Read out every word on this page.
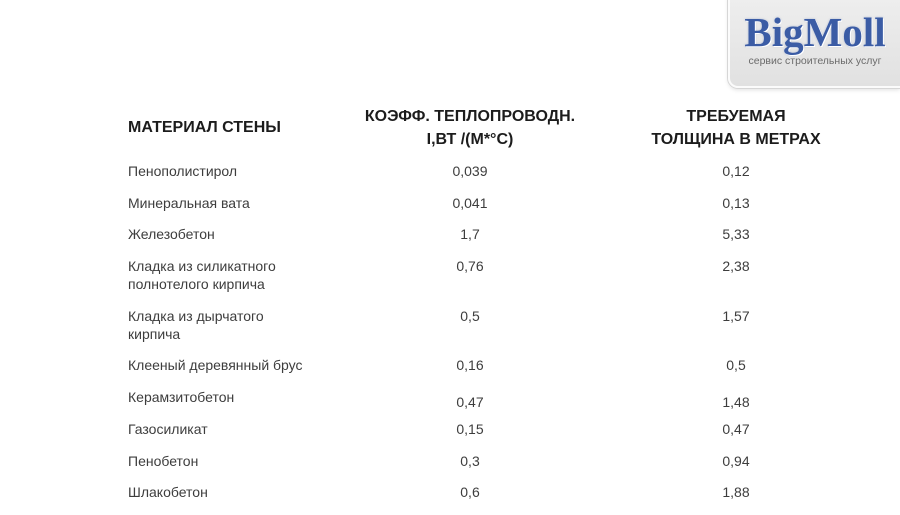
BigMoll
сервис строительных услуг
МАТЕРИАЛ СТЕНЫ
КОЭФФ. ТЕПЛОПРОВОДН.
I,ВТ /(М*°С)
ТРЕБУЕМАЯ
ТОЛЩИНА В МЕТРАХ
Пенополистирол	0,039	0,12
Минеральная вата	0,041	0,13
Железобетон	1,7	5,33
Кладка из силикатного
полнотелого кирпича
0,76	2,38
Кладка из дырчатого
кирпича
0,5	1,57
Клееный деревянный брус	0,16	0,5
Керамзитобетон	0,47	1,48
Газосиликат	0,15	0,47
Пенобетон	0,3	0,94
Шлакобетон	0,6	1,88
